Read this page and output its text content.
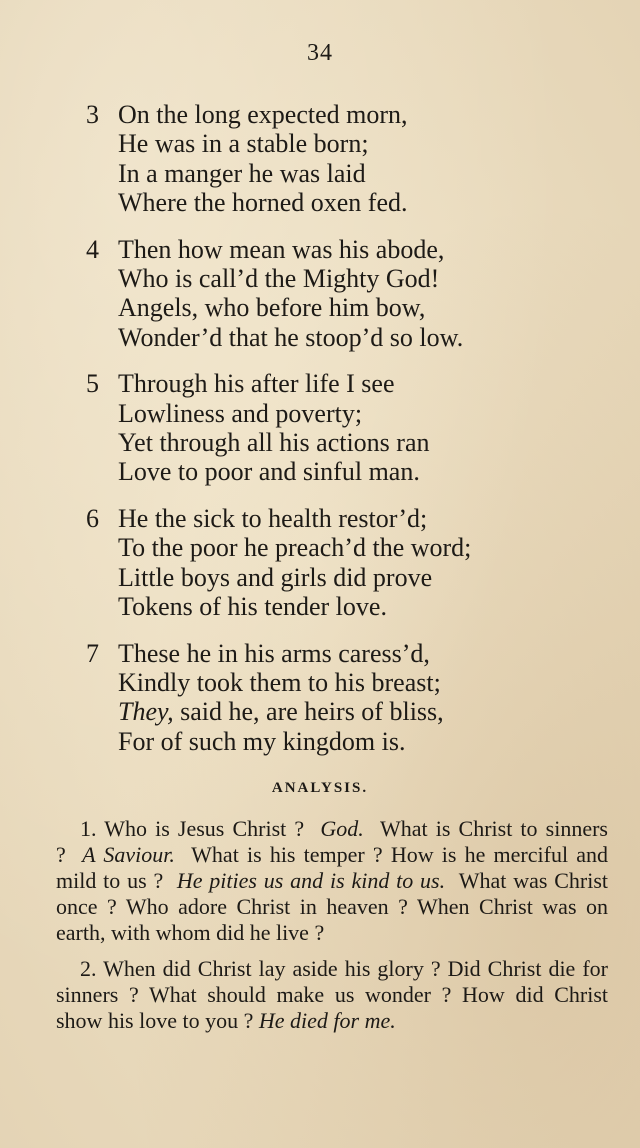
34
3 On the long expected morn,
He was in a stable born;
In a manger he was laid
Where the horned oxen fed.
4 Then how mean was his abode,
Who is call’d the Mighty God!
Angels, who before him bow,
Wonder’d that he stoop’d so low.
5 Through his after life I see
Lowliness and poverty;
Yet through all his actions ran
Love to poor and sinful man.
6 He the sick to health restor’d;
To the poor he preach’d the word;
Little boys and girls did prove
Tokens of his tender love.
7 These he in his arms caress’d,
Kindly took them to his breast;
They, said he, are heirs of bliss,
For of such my kingdom is.
ANALYSIS.

1. Who is Jesus Christ ? God. What is Christ to sinners ? A Saviour. What is his temper ? How is he merciful and mild to us ? He pities us and is kind to us. What was Christ once ? Who adore Christ in heaven ? When Christ was on earth, with whom did he live ?

2. When did Christ lay aside his glory ? Did Christ die for sinners ? What should make us wonder ? How did Christ show his love to you ? He died for me.
